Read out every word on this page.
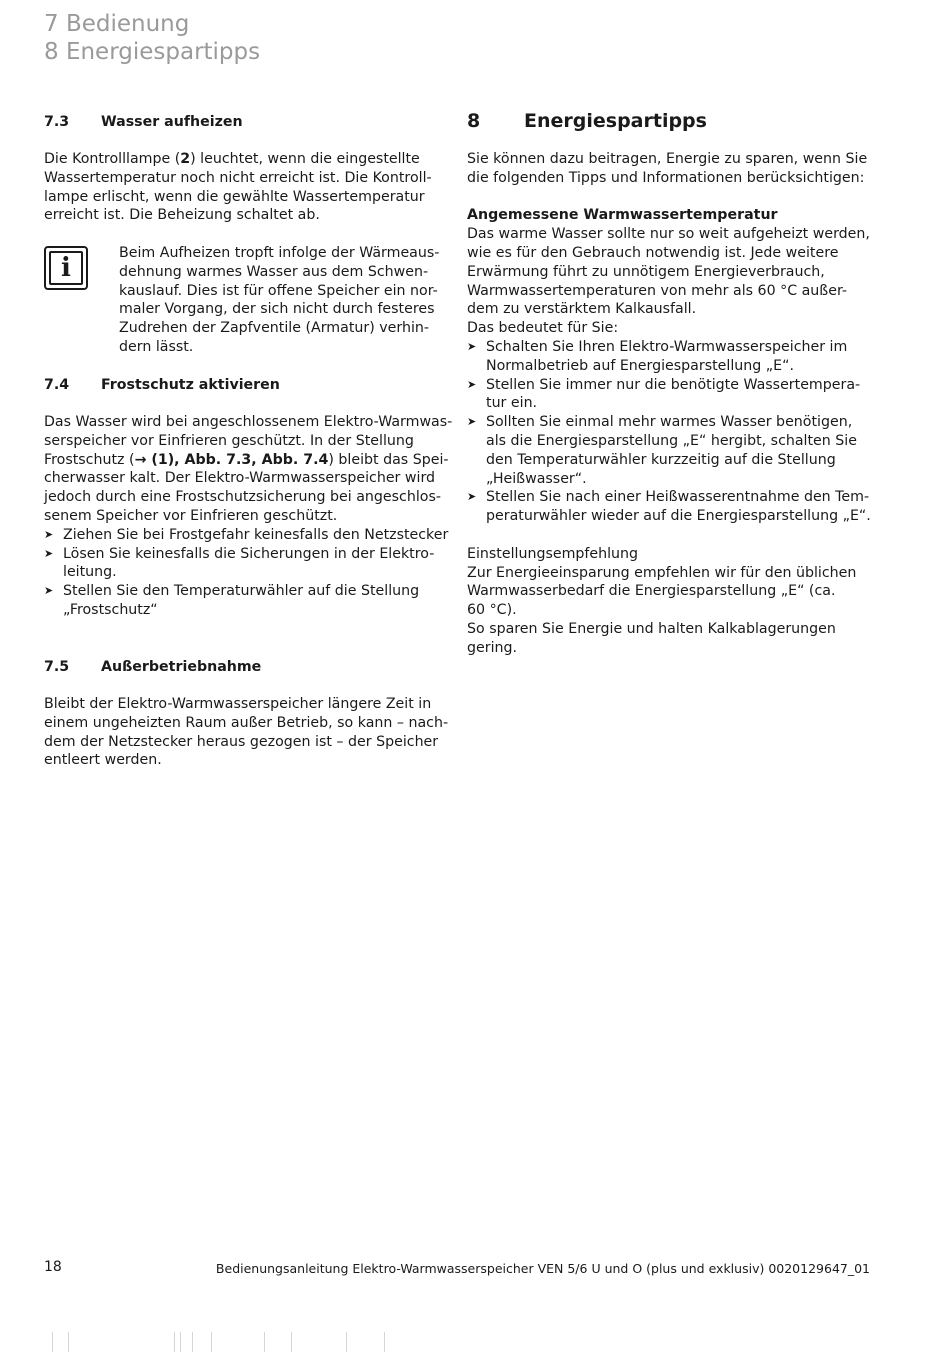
7 Bedienung
8 Energiespartipps
7.3 Wasser aufheizen

Die Kontrolllampe (2) leuchtet, wenn die eingestellte

Wassertemperatur noch nicht erreicht ist. Die Kontroll-

lampe erlischt, wenn die gewählte Wassertemperatur

erreicht ist. Die Beheizung schaltet ab.

i	Beim Aufheizen tropft infolge der Wärmeaus-

dehnung warmes Wasser aus dem Schwen-

kauslauf. Dies ist für offene Speicher ein nor-

maler Vorgang, der sich nicht durch festeres

Zudrehen der Zapfventile (Armatur) verhin-

dern lässt.

7.4 Frostschutz aktivieren

Das Wasser wird bei angeschlossenem Elektro-Warmwas-

serspeicher vor Einfrieren geschützt. In der Stellung

Frostschutz (→ (1), Abb. 7.3, Abb. 7.4) bleibt das Spei-

cherwasser kalt. Der Elektro-Warmwasserspeicher wird

jedoch durch eine Frostschutzsicherung bei angeschlos-

senem Speicher vor Einfrieren geschützt.

➤ Ziehen Sie bei Frostgefahr keinesfalls den Netzstecker
➤ Lösen Sie keinesfalls die Sicherungen in der Elektro-
leitung.
➤ Stellen Sie den Temperaturwähler auf die Stellung
„Frostschutz“
7.5 Außerbetriebnahme

Bleibt der Elektro-Warmwasserspeicher längere Zeit in

einem ungeheizten Raum außer Betrieb, so kann – nach-

dem der Netzstecker heraus gezogen ist – der Speicher

entleert werden.

8 Energiespartipps

Sie können dazu beitragen, Energie zu sparen, wenn Sie

die folgenden Tipps und Informationen berücksichtigen:

Angemessene Warmwassertemperatur

Das warme Wasser sollte nur so weit aufgeheizt werden,

wie es für den Gebrauch notwendig ist. Jede weitere

Erwärmung führt zu unnötigem Energieverbrauch,

Warmwassertemperaturen von mehr als 60 °C außer-

dem zu verstärktem Kalkausfall.

Das bedeutet für Sie:

➤ Schalten Sie Ihren Elektro-Warmwasserspeicher im
Normalbetrieb auf Energiesparstellung „E“.
➤ Stellen Sie immer nur die benötigte Wassertempera-
tur ein.
➤ Sollten Sie einmal mehr warmes Wasser benötigen,
als die Energiesparstellung „E“ hergibt, schalten Sie
den Temperaturwähler kurzzeitig auf die Stellung
„Heißwasser“.
➤ Stellen Sie nach einer Heißwasserentnahme den Tem-
peraturwähler wieder auf die Energiesparstellung „E“.

Einstellungsempfehlung

Zur Energieeinsparung empfehlen wir für den üblichen

Warmwasserbedarf die Energiesparstellung „E“ (ca.

60 °C).

So sparen Sie Energie und halten Kalkablagerungen

gering.

18	Bedienungsanleitung Elektro-Warmwasserspeicher VEN 5/6 U und O (plus und exklusiv) 0020129647_01
